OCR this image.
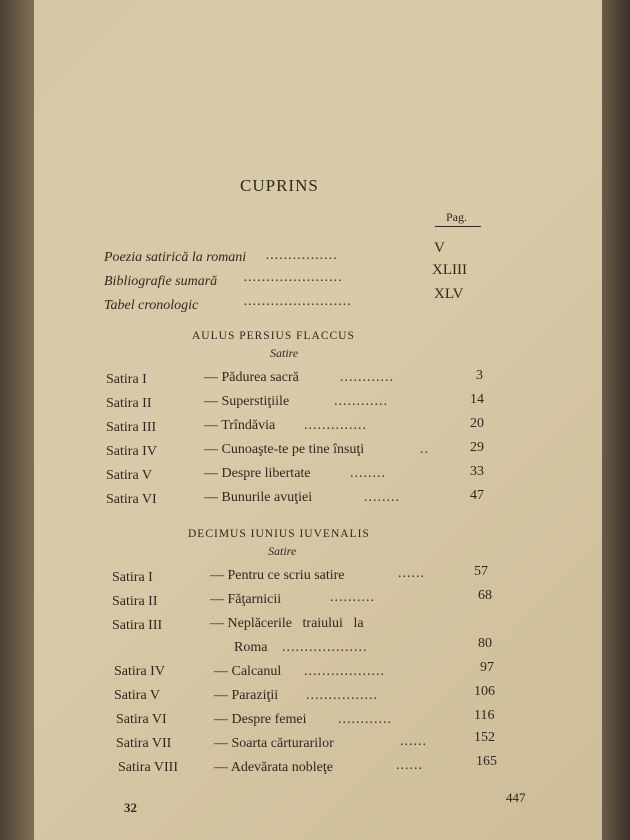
CUPRINS
Pag.
Poezia satirică la romani ................	V
Bibliografie sumară ......................	XLIII
Tabel cronologic	........................	XLV
AULUS PERSIUS FLACCUS
Satire
Satira I	— Pădurea sacră	............	3
Satira II	— Superstiţiile	............	14
Satira III	— Trîndăvia ..............	20
Satira IV	— Cunoaşte-te pe tine însuţi	..	29
Satira V	— Despre libertate	........	33
Satira VI	— Bunurile avuţiei	........	47
DECIMUS IUNIUS IUVENALIS
Satire
Satira I	— Pentru ce scriu satire	......	57
Satira II	— Făţarnicii	..........	68
Satira III	— Neplăcerile   traiului   la
Roma ...................	80
Satira IV	— Calcanul ..................	97
Satira V	— Paraziţii ................	106
Satira VI	— Despre femei ............	116
Satira VII	— Soarta cărturarilor	......	152
Satira VIII	— Adevărata nobleţe	......	165
32
447
